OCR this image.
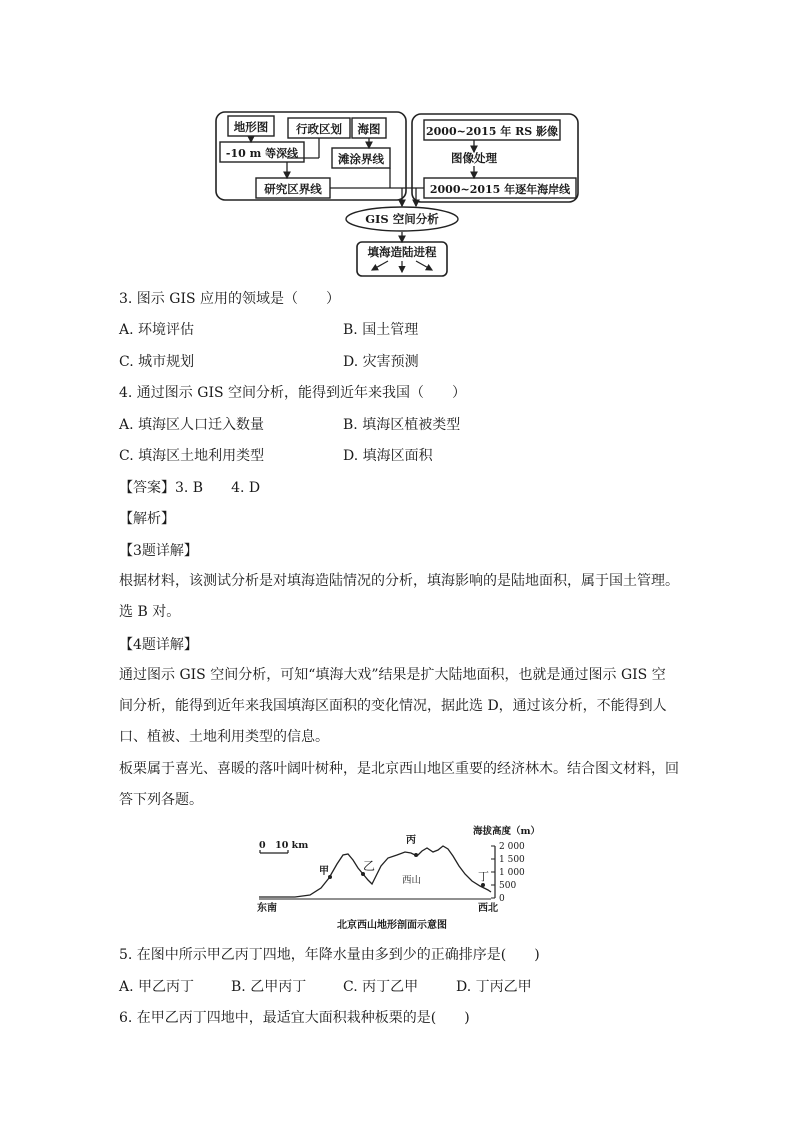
地形图 行政区划 海图
-10 m 等深线	滩涂界线
研究区界线
2000~2015 年 RS 影像
图像处理
2000~2015 年逐年海岸线
GIS 空间分析
填海造陆进程
3. 图示 GIS 应用的领域是（　　）
A. 环境评估	B. 国土管理
C. 城市规划	D. 灾害预测
4. 通过图示 GIS 空间分析，能得到近年来我国（　　）
A. 填海区人口迁入数量	B. 填海区植被类型
C. 填海区土地利用类型	D. 填海区面积
【答案】3. B　　4. D
【解析】
【3题详解】
根据材料，该测试分析是对填海造陆情况的分析，填海影响的是陆地面积，属于国土管理。选 B 对。
【4题详解】
通过图示 GIS 空间分析，可知“填海大戏”结果是扩大陆地面积，也就是通过图示 GIS 空间分析，能得到近年来我国填海区面积的变化情况，据此选 D，通过该分析，不能得到人口、植被、土地利用类型的信息。
板栗属于喜光、喜暖的落叶阔叶树种，是北京西山地区重要的经济林木。结合图文材料，回答下列各题。
0　10 km
海拔高度（m）
2 000
1 500
1 000
500
0
甲	乙
丙
丁
西山
东南	西北
北京西山地形剖面示意图
5. 在图中所示甲乙丙丁四地，年降水量由多到少的正确排序是(　　)
A. 甲乙丙丁	B. 乙甲丙丁	C. 丙丁乙甲	D. 丁丙乙甲
6. 在甲乙丙丁四地中，最适宜大面积栽种板栗的是(　　)
